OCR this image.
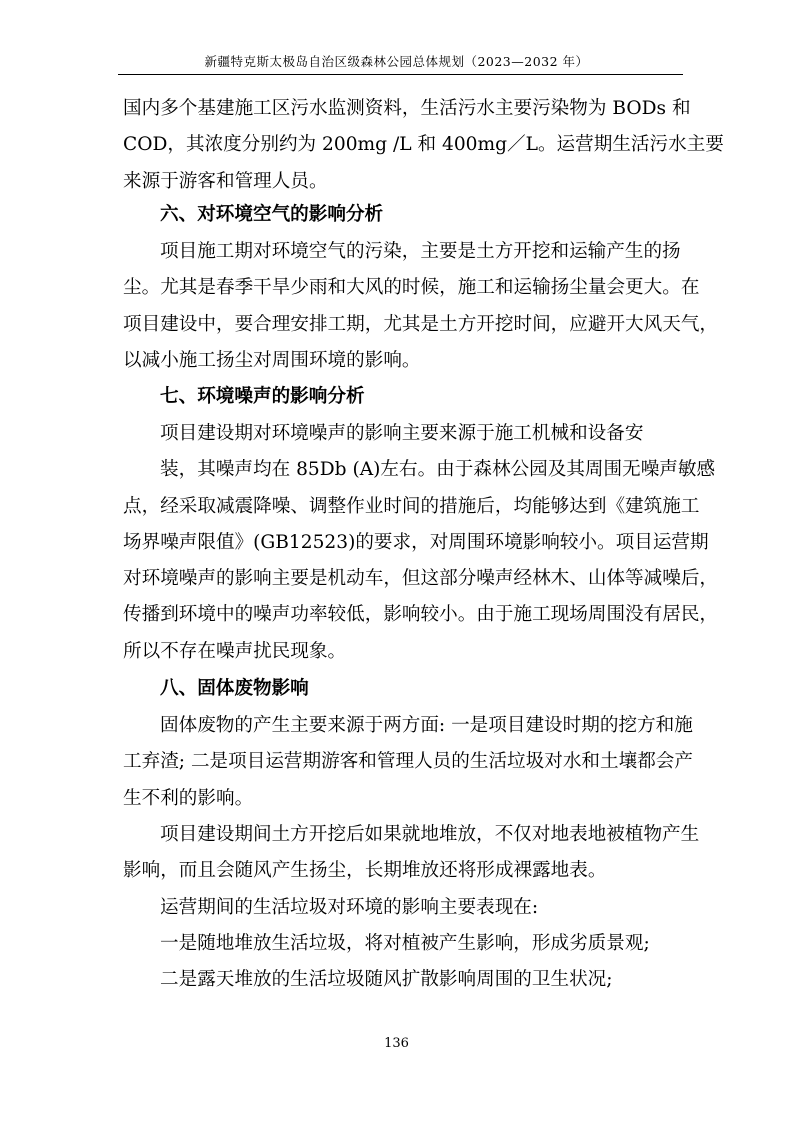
新疆特克斯太极岛自治区级森林公园总体规划（2023—2032 年）

国内多个基建施工区污水监测资料，生活污水主要污染物为 BODs 和
COD，其浓度分别约为 200mg /L 和 400mg／L。运营期生活污水主要
来源于游客和管理人员。

六、对环境空气的影响分析

项目施工期对环境空气的污染，主要是土方开挖和运输产生的扬
尘。尤其是春季干旱少雨和大风的时候，施工和运输扬尘量会更大。在
项目建设中，要合理安排工期，尤其是土方开挖时间，应避开大风天气，
以减小施工扬尘对周围环境的影响。

七、环境噪声的影响分析

项目建设期对环境噪声的影响主要来源于施工机械和设备安
装，其噪声均在 85Db (A)左右。由于森林公园及其周围无噪声敏感
点，经采取减震降噪、调整作业时间的措施后，均能够达到《建筑施工
场界噪声限值》(GB12523)的要求，对周围环境影响较小。项目运营期
对环境噪声的影响主要是机动车，但这部分噪声经林木、山体等减噪后，
传播到环境中的噪声功率较低，影响较小。由于施工现场周围没有居民，
所以不存在噪声扰民现象。

八、固体废物影响

固体废物的产生主要来源于两方面: 一是项目建设时期的挖方和施
工弃渣; 二是项目运营期游客和管理人员的生活垃圾对水和土壤都会产
生不利的影响。

项目建设期间土方开挖后如果就地堆放，不仅对地表地被植物产生
影响，而且会随风产生扬尘，长期堆放还将形成裸露地表。

运营期间的生活垃圾对环境的影响主要表现在:

一是随地堆放生活垃圾，将对植被产生影响，形成劣质景观;

二是露天堆放的生活垃圾随风扩散影响周围的卫生状况;

136
